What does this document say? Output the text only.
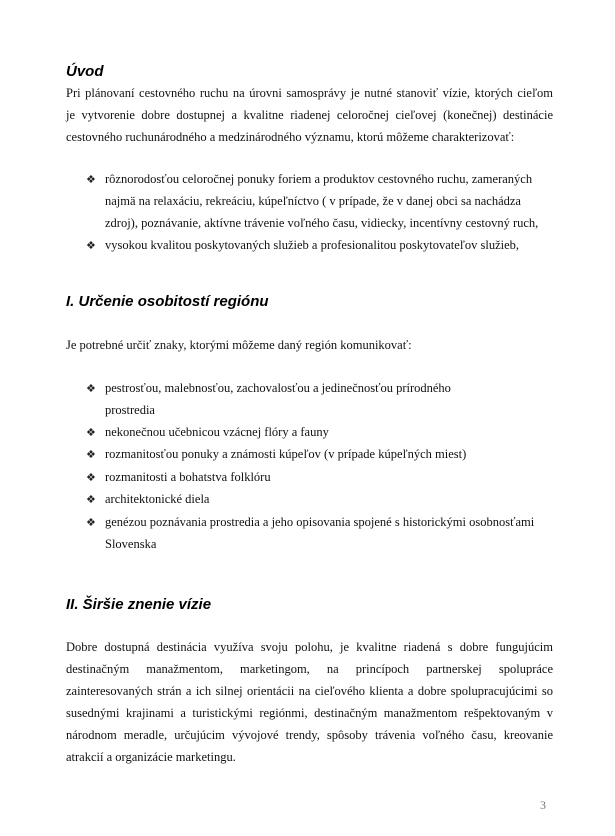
Úvod

Pri plánovaní cestovného ruchu na úrovni samosprávy je nutné stanoviť vízie, ktorých cieľom

je vytvorenie dobre dostupnej a kvalitne riadenej celoročnej cieľovej (konečnej) destinácie

cestovného ruchunárodného a medzinárodného významu, ktorú môžeme charakterizovať:

❖ rôznorodosťou celoročnej ponuky foriem a produktov cestovného ruchu, zameraných
najmä na relaxáciu, rekreáciu, kúpeľníctvo ( v prípade, že v danej obci sa nachádza
zdroj), poznávanie, aktívne trávenie voľného času, vidiecky, incentívny cestovný ruch,
❖ vysokou kvalitou poskytovaných služieb a profesionalitou poskytovateľov služieb,
I. Určenie osobitostí regiónu

Je potrebné určiť znaky, ktorými môžeme daný región komunikovať:

❖ pestrosťou, malebnosťou, zachovalosťou a jedinečnosťou prírodného
prostredia
❖ nekonečnou učebnicou vzácnej flóry a fauny
❖ rozmanitosťou ponuky a známosti kúpeľov (v prípade kúpeľných miest)
❖ rozmanitosti a bohatstva folklóru
❖ architektonické diela
❖ genézou poznávania prostredia a jeho opisovania spojené s historickými osobnosťami
Slovenska
II. Širšie znenie vízie

Dobre dostupná destinácia využíva svoju polohu, je kvalitne riadená s dobre fungujúcim

destinačným manažmentom, marketingom, na princípoch partnerskej spolupráce

zainteresovaných strán a ich silnej orientácii na cieľového klienta a dobre spolupracujúcimi so

susednými krajinami a turistickými regiónmi, destinačným manažmentom rešpektovaným v

národnom meradle, určujúcim vývojové trendy, spôsoby trávenia voľného času, kreovanie

atrakcií a organizácie marketingu.

3
